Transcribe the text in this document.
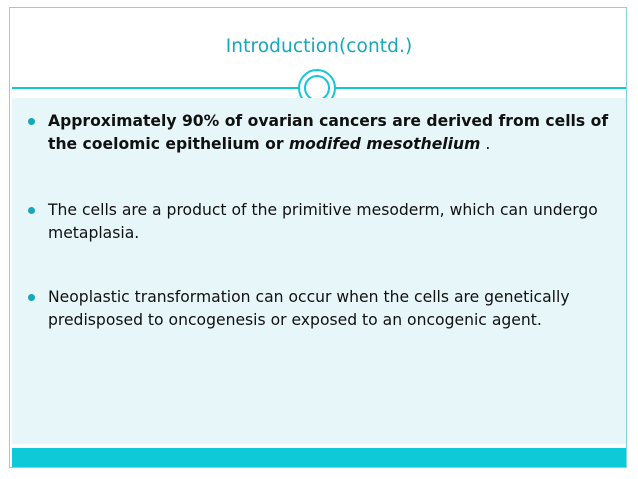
Introduction(contd.)
Approximately 90% of ovarian cancers are derived from cells of the coelomic epithelium or modifed mesothelium .
The cells are a product of the primitive mesoderm, which can undergo metaplasia.
Neoplastic transformation can occur when the cells are genetically predisposed to oncogenesis or exposed to an oncogenic agent.
